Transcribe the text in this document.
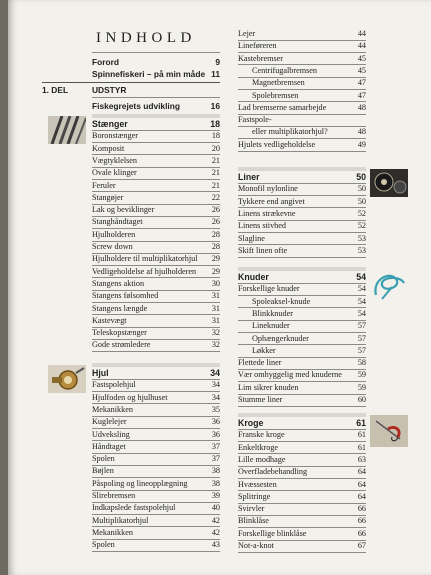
INDHOLD
Forord	9
Spinnefiskeri – på min måde 11
1. DEL	UDSTYR
Fiskegrejets udvikling	16
Stænger	18
Boronstænger	18
Komposit	20
Vægtyklelsen	21
Ovale klinger	21
Feruler	21
Stangøjer	22
Lak og beviklinger	26
Stanghåndtaget	26
Hjulholderen	28
Screw down	28
Hjulholdere til multiplikatorhjul 29
Vedligeholdelse af hjulholderen 29
Stangens aktion	30
Stangens følsomhed	31
Stangens længde	31
Kastevægt	31
Teleskopstænger	32
Gode strømledere	32
Hjul	34
Fastspolehjul	34
Hjulfoden og hjulhuset	34
Mekanikken	35
Kuglelejer	36
Udveksling	36
Håndtaget	37
Spolen	37
Bøjlen	38
Påspoling og lineopplægning	38
Slirebremsen	39
Indkapslede fastspolehjul	40
Multiplikatorhjul	42
Mekanikken	42
Spolen	43
Lejer	44
Lineføreren	44
Kastebremser	45
Centrifugalbremsen	45
Magnetbremsen	47
Spolebremsen	47
Lad bremserne samarbejde	48
Fastspole-
eller multiplikatorhjul?	48
Hjulets vedligeholdelse	49
Liner	50
Monofil nylonline	50
Tykkere end angivet	50
Linens strækevne	52
Linens stivhed	52
Slagline	53
Skift linen ofte	53
Knuder	54
Forskellige knuder	54
Spoleaksel-knude	54
Blinkknuder	54
Lineknuder	57
Ophængerknuder	57
Løkker	57
Flettede liner	58
Vær omhyggelig med knuderne 59
Lim sikrer knuden	59
Stumme liner	60
Kroge	61
Franske kroge	61
Enkeltkroge	61
Lille modhage	63
Overfladebehandling	64
Hvæssesten	64
Splitringe	64
Svirvler	66
Blinklåse	66
Forskellige blinklåse	66
Not-a-knot	67
